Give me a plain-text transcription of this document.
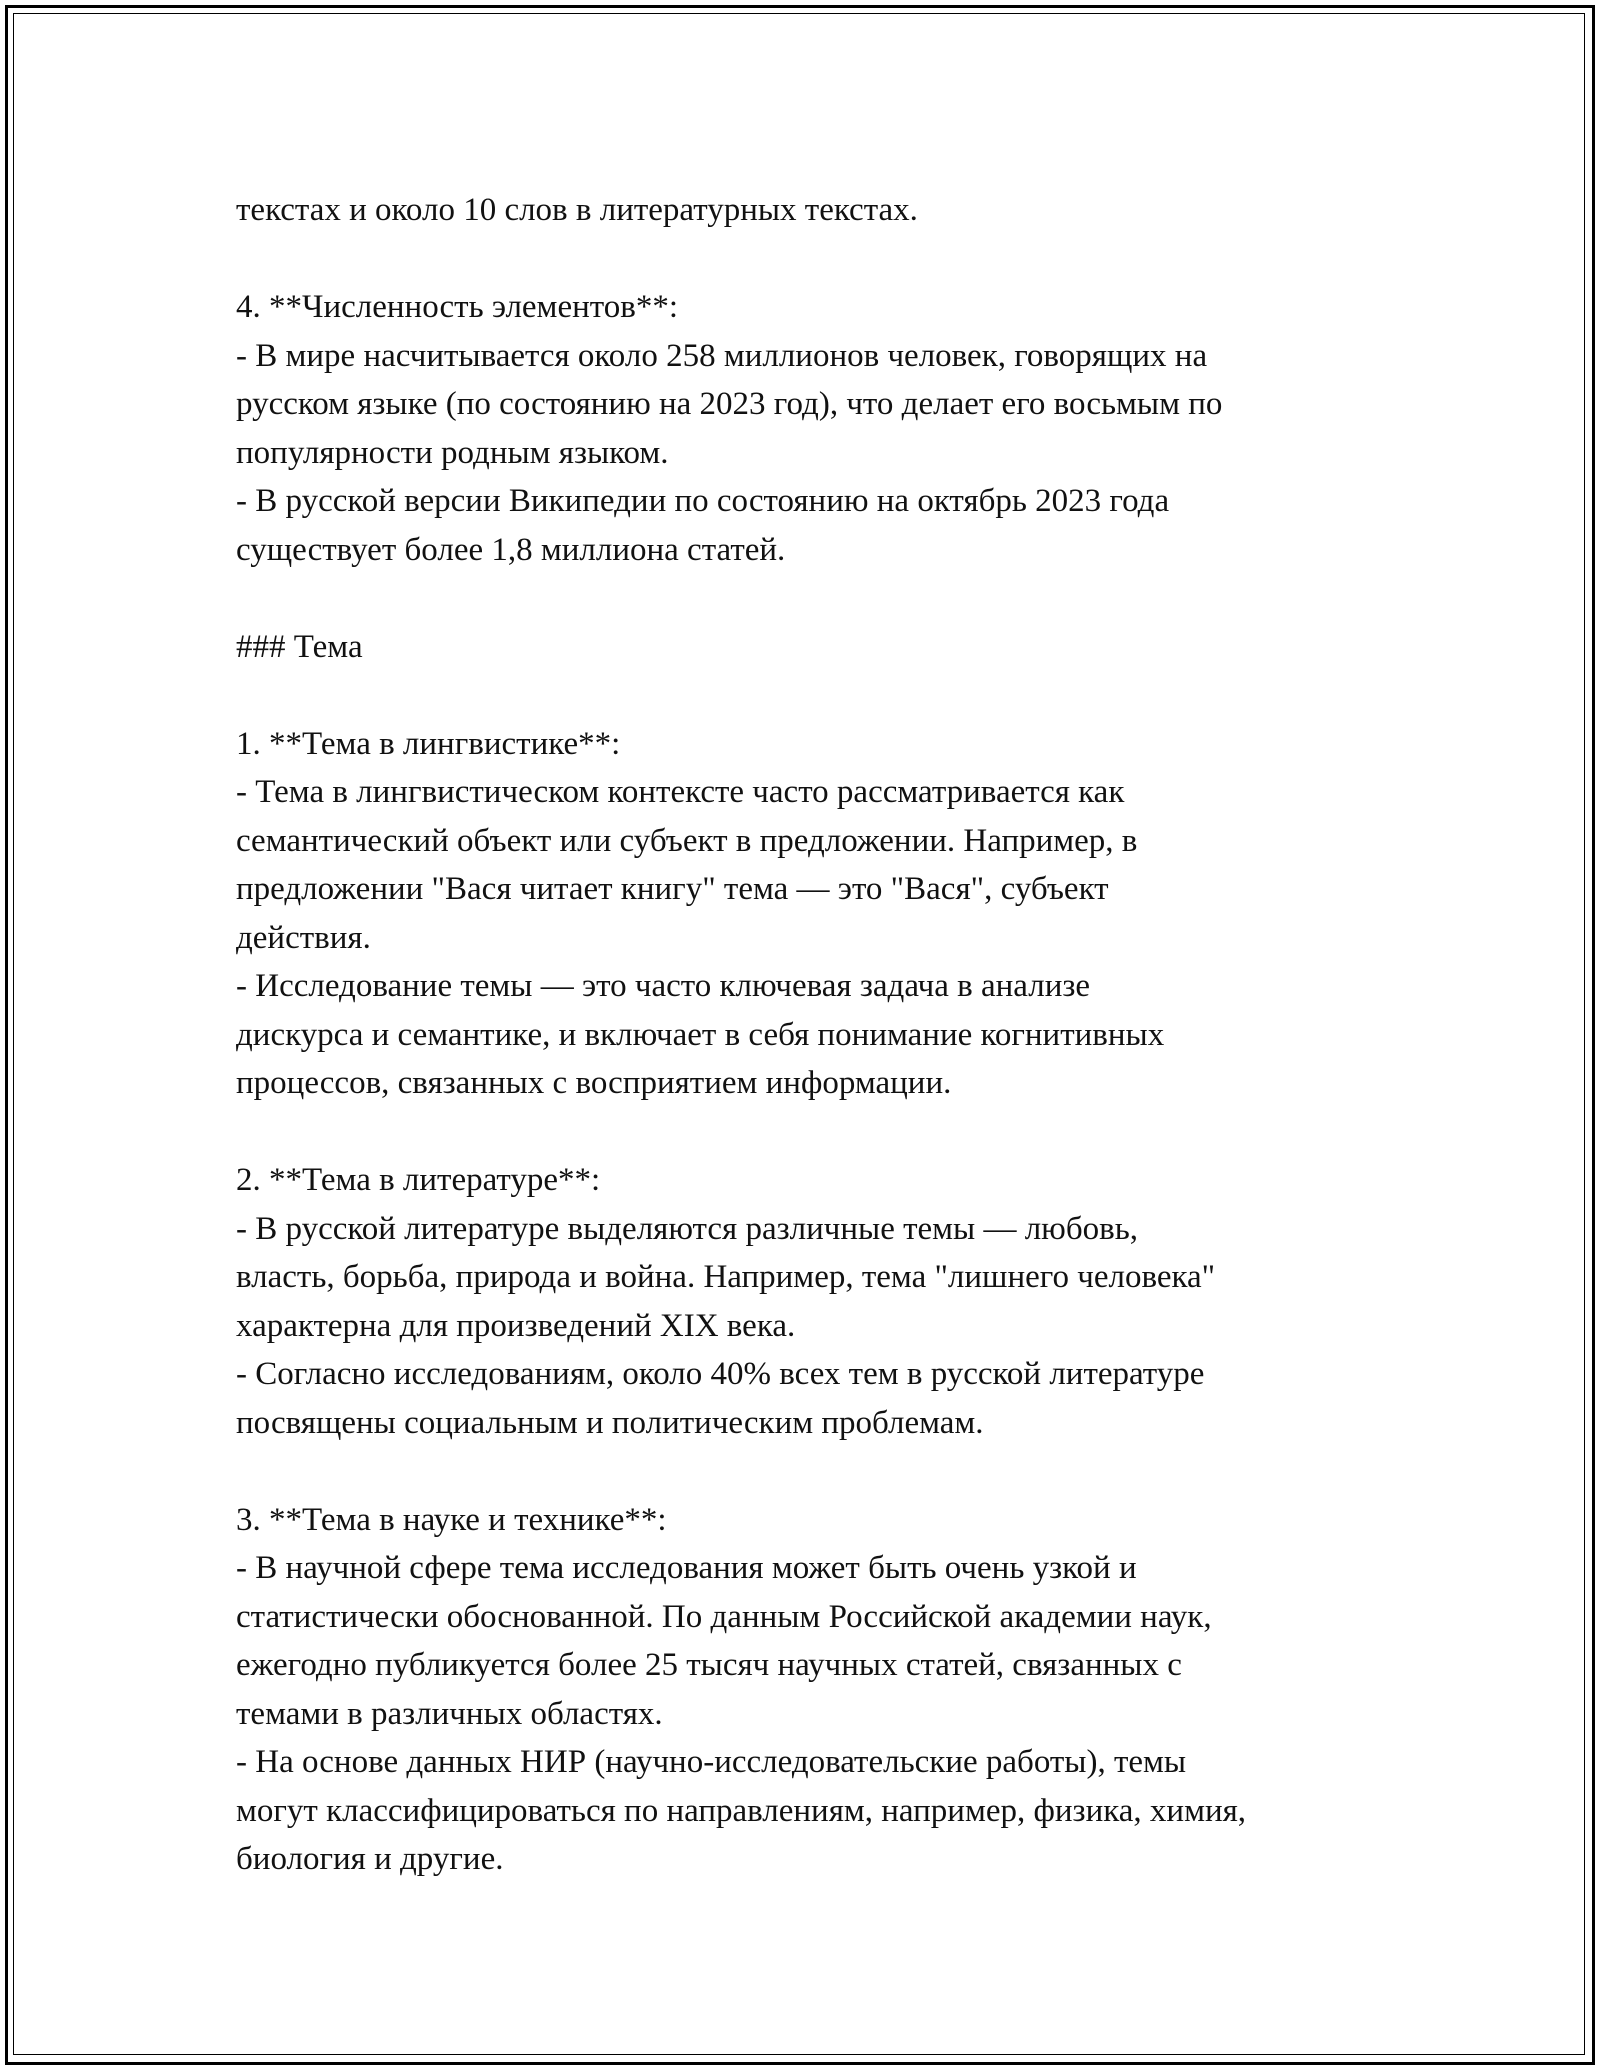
текстах и около 10 слов в литературных текстах.

4. **Численность элементов**:

- В мире насчитывается около 258 миллионов человек, говорящих на

русском языке (по состоянию на 2023 год), что делает его восьмым по

популярности родным языком.

- В русской версии Википедии по состоянию на октябрь 2023 года

существует более 1,8 миллиона статей.

### Тема

1. **Тема в лингвистике**:

- Тема в лингвистическом контексте часто рассматривается как

семантический объект или субъект в предложении. Например, в

предложении "Вася читает книгу" тема — это "Вася", субъект

действия.

- Исследование темы — это часто ключевая задача в анализе

дискурса и семантике, и включает в себя понимание когнитивных

процессов, связанных с восприятием информации.

2. **Тема в литературе**:

- В русской литературе выделяются различные темы — любовь,

власть, борьба, природа и война. Например, тема "лишнего человека"

характерна для произведений XIX века.

- Согласно исследованиям, около 40% всех тем в русской литературе

посвящены социальным и политическим проблемам.

3. **Тема в науке и технике**:

- В научной сфере тема исследования может быть очень узкой и

статистически обоснованной. По данным Российской академии наук,

ежегодно публикуется более 25 тысяч научных статей, связанных с

темами в различных областях.

- На основе данных НИР (научно-исследовательские работы), темы

могут классифицироваться по направлениям, например, физика, химия,

биология и другие.
